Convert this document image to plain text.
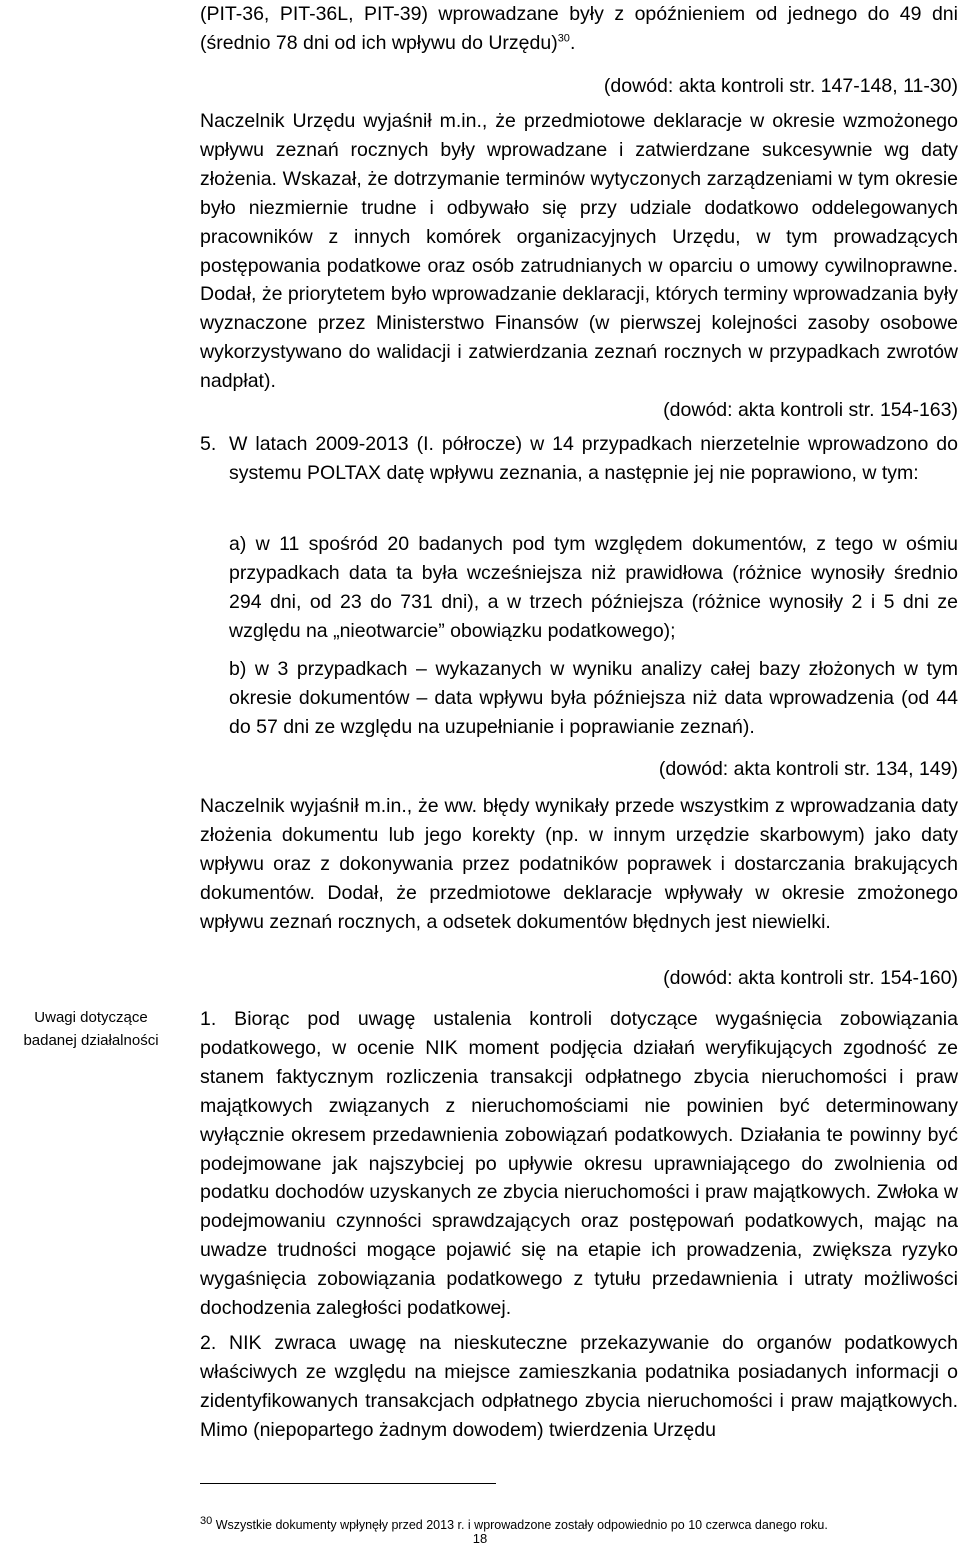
(PIT-36, PIT-36L, PIT-39) wprowadzane były z opóźnieniem od jednego do 49 dni (średnio 78 dni od ich wpływu do Urzędu)$^{30}$.

(dowód: akta kontroli str. 147-148, 11-30)

Naczelnik Urzędu wyjaśnił m.in., że przedmiotowe deklaracje w okresie wzmożonego wpływu zeznań rocznych były wprowadzane i zatwierdzane sukcesywnie wg daty złożenia. Wskazał, że dotrzymanie terminów wytyczonych zarządzeniami w tym okresie było niezmiernie trudne i odbywało się przy udziale dodatkowo oddelegowanych pracowników z innych komórek organizacyjnych Urzędu, w tym prowadzących postępowania podatkowe oraz osób zatrudnianych w oparciu o umowy cywilnoprawne. Dodał, że priorytetem było wprowadzanie deklaracji, których terminy wprowadzania były wyznaczone przez Ministerstwo Finansów (w pierwszej kolejności zasoby osobowe wykorzystywano do walidacji i zatwierdzania zeznań rocznych w przypadkach zwrotów nadpłat).

(dowód: akta kontroli str. 154-163)

5. W latach 2009-2013 (I. półrocze) w 14 przypadkach nierzetelnie wprowadzono do systemu POLTAX datę wpływu zeznania, a następnie jej nie poprawiono, w tym:

a) w 11 spośród 20 badanych pod tym względem dokumentów, z tego w ośmiu przypadkach data ta była wcześniejsza niż prawidłowa (różnice wynosiły średnio 294 dni, od 23 do 731 dni), a w trzech późniejsza (różnice wynosiły 2 i 5 dni ze względu na „nieotwarcie” obowiązku podatkowego);

b) w 3 przypadkach – wykazanych w wyniku analizy całej bazy złożonych w tym okresie dokumentów – data wpływu była późniejsza niż data wprowadzenia (od 44 do 57 dni ze względu na uzupełnianie i poprawianie zeznań).

(dowód: akta kontroli str. 134, 149)

Naczelnik wyjaśnił m.in., że ww. błędy wynikały przede wszystkim z wprowadzania daty złożenia dokumentu lub jego korekty (np. w innym urzędzie skarbowym) jako daty wpływu oraz z dokonywania przez podatników poprawek i dostarczania brakujących dokumentów. Dodał, że przedmiotowe deklaracje wpływały w okresie zmożonego wpływu zeznań rocznych, a odsetek dokumentów błędnych jest niewielki.

(dowód: akta kontroli str. 154-160)

Uwagi dotyczące
badanej działalności

1. Biorąc pod uwagę ustalenia kontroli dotyczące wygaśnięcia zobowiązania podatkowego, w ocenie NIK moment podjęcia działań weryfikujących zgodność ze stanem faktycznym rozliczenia transakcji odpłatnego zbycia nieruchomości i praw majątkowych związanych z nieruchomościami nie powinien być determinowany wyłącznie okresem przedawnienia zobowiązań podatkowych. Działania te powinny być podejmowane jak najszybciej po upływie okresu uprawniającego do zwolnienia od podatku dochodów uzyskanych ze zbycia nieruchomości i praw majątkowych. Zwłoka w podejmowaniu czynności sprawdzających oraz postępowań podatkowych, mając na uwadze trudności mogące pojawić się na etapie ich prowadzenia, zwiększa ryzyko wygaśnięcia zobowiązania podatkowego z tytułu przedawnienia i utraty możliwości dochodzenia zaległości podatkowej.

2. NIK zwraca uwagę na nieskuteczne przekazywanie do organów podatkowych właściwych ze względu na miejsce zamieszkania podatnika posiadanych informacji o zidentyfikowanych transakcjach odpłatnego zbycia nieruchomości i praw majątkowych. Mimo (niepopartego żadnym dowodem) twierdzenia Urzędu

$^{30}$ Wszystkie dokumenty wpłynęły przed 2013 r. i wprowadzone zostały odpowiednio po 10 czerwca danego roku.
18
